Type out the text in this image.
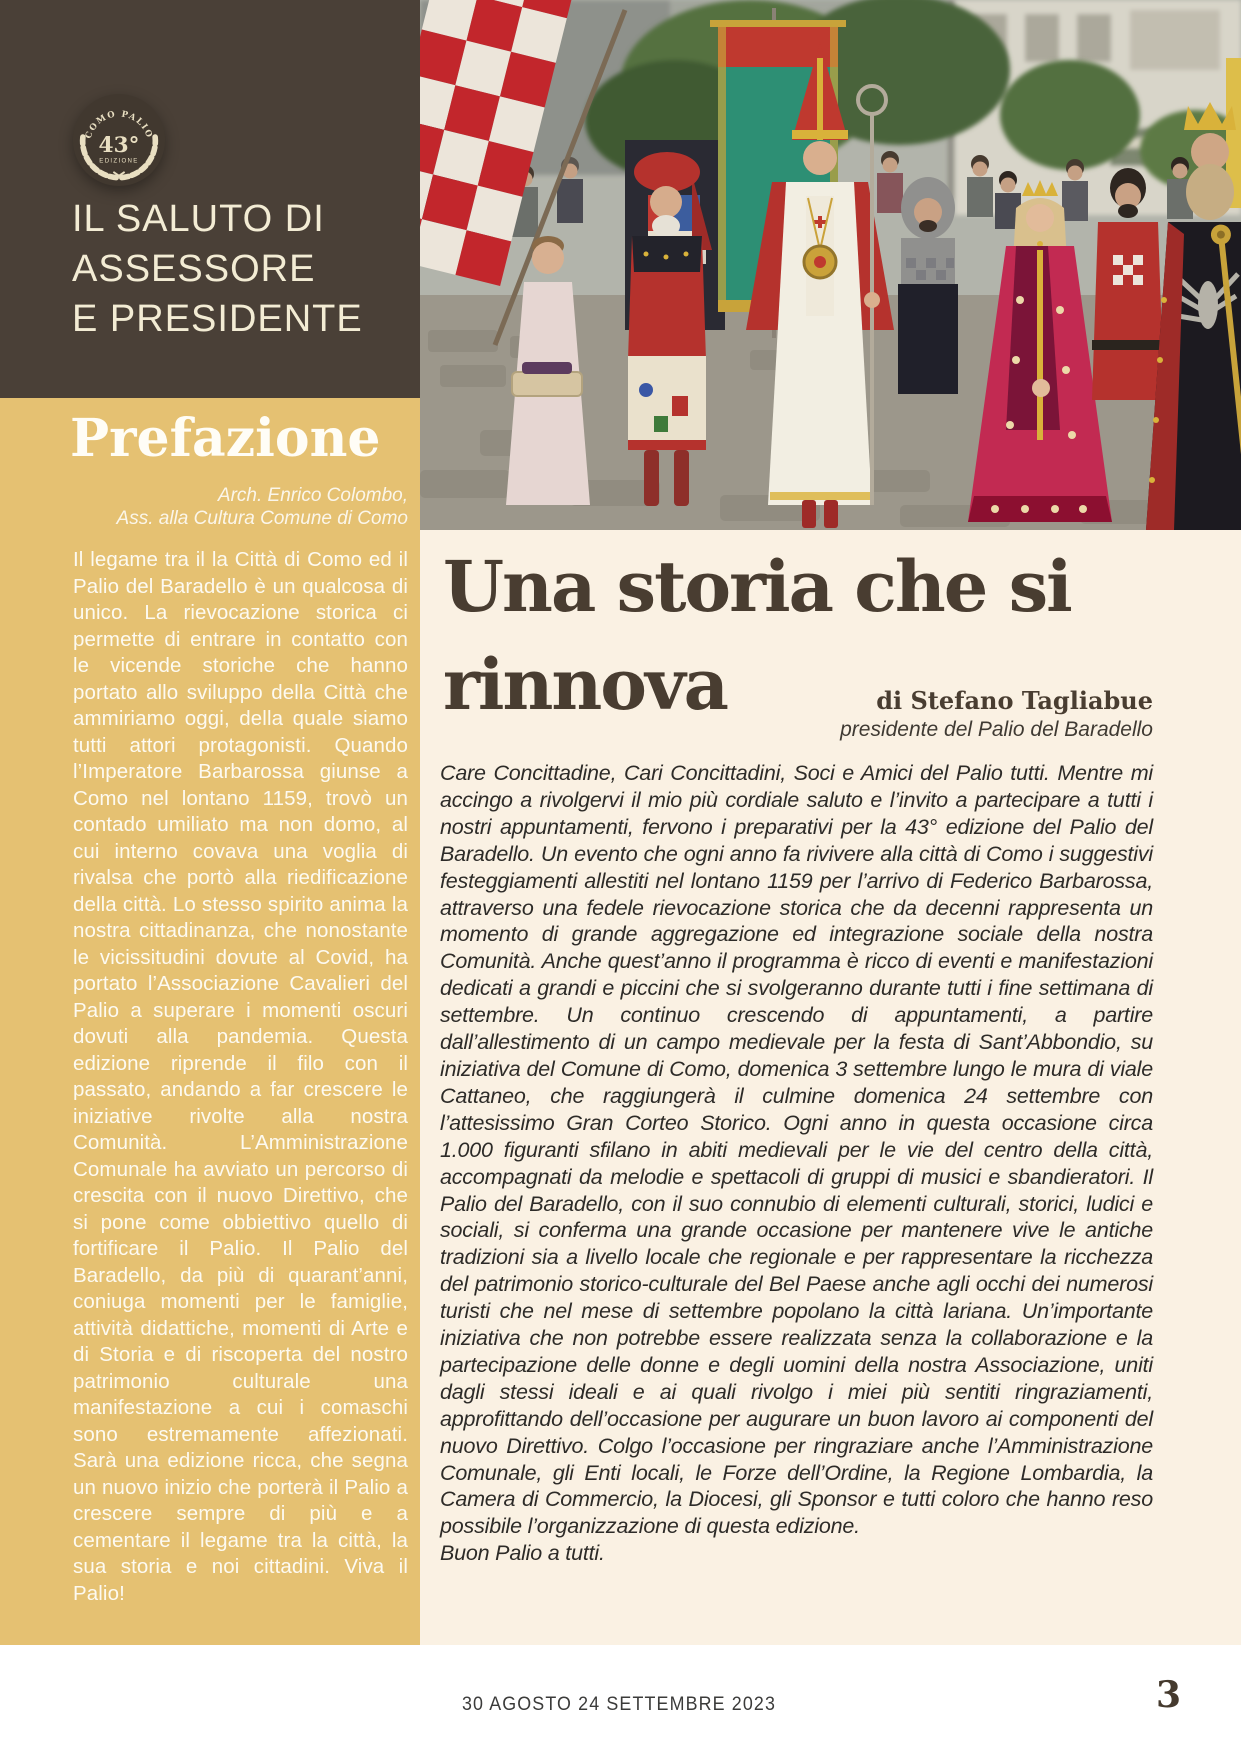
COMO PALIO
43°
EDIZIONE
IL SALUTO DI
ASSESSORE
E PRESIDENTE
Prefazione
Arch. Enrico Colombo,
Ass. alla Cultura Comune di Como
Il legame tra il la Città di Como ed il Palio del Baradello è un qualcosa di unico. La rievocazione storica ci permette di entrare in contatto con le vicende storiche che hanno portato allo sviluppo della Città che ammiriamo oggi, della quale siamo tutti attori protagonisti. Quando l’Imperatore Barbarossa giunse a Como nel lontano 1159, trovò un contado umiliato ma non domo, al cui interno covava una voglia di rivalsa che portò alla riedificazione della città. Lo stesso spirito anima la nostra cittadinanza, che nonostante le vicissitudini dovute al Covid, ha portato l’Associazione Cavalieri del Palio a superare i momenti oscuri dovuti alla pandemia. Questa edizione riprende il filo con il passato, andando a far crescere le iniziative rivolte alla nostra Comunità. L’Amministrazione Comunale ha avviato un percorso di crescita con il nuovo Direttivo, che si pone come obbiettivo quello di fortificare il Palio. Il Palio del Baradello, da più di quarant’anni, coniuga momenti per le famiglie, attività didattiche, momenti di Arte e di Storia e di riscoperta del nostro patrimonio culturale una manifestazione a cui i comaschi sono estremamente affezionati. Sarà una edizione ricca, che segna un nuovo inizio che porterà il Palio a crescere sempre di più e a cementare il legame tra la città, la sua storia e noi cittadini. Viva il Palio!
Una storia che si
rinnova	di Stefano Tagliabue
presidente del Palio del Baradello

Care Concittadine, Cari Concittadini, Soci e Amici del Palio tutti. Mentre mi accingo a rivolgervi il mio più cordiale saluto e l’invito a partecipare a tutti i nostri appuntamenti, fervono i preparativi per la 43° edizione del Palio del Baradello. Un evento che ogni anno fa rivivere alla città di Como i suggestivi festeggiamenti allestiti nel lontano 1159 per l’arrivo di Federico Barbarossa, attraverso una fedele rievocazione storica che da decenni rappresenta un momento di grande aggregazione ed integrazione sociale della nostra Comunità. Anche quest’anno il programma è ricco di eventi e manifestazioni dedicati a grandi e piccini che si svolgeranno durante tutti i fine settimana di settembre. Un continuo crescendo di appuntamenti, a partire dall’allestimento di un campo medievale per la festa di Sant’Abbondio, su iniziativa del Comune di Como, domenica 3 settembre lungo le mura di viale Cattaneo, che raggiungerà il culmine domenica 24 settembre con l’attesissimo Gran Corteo Storico. Ogni anno in questa occasione circa 1.000 figuranti sfilano in abiti medievali per le vie del centro della città, accompagnati da melodie e spettacoli di gruppi di musici e sbandieratori. Il Palio del Baradello, con il suo connubio di elementi culturali, storici, ludici e sociali, si conferma una grande occasione per mantenere vive le antiche tradizioni sia a livello locale che regionale e per rappresentare la ricchezza del patrimonio storico-culturale del Bel Paese anche agli occhi dei numerosi turisti che nel mese di settembre popolano la città lariana. Un’importante iniziativa che non potrebbe essere realizzata senza la collaborazione e la partecipazione delle donne e degli uomini della nostra Associazione, uniti dagli stessi ideali e ai quali rivolgo i miei più sentiti ringraziamenti, approfittando dell’occasione per augurare un buon lavoro ai componenti del nuovo Direttivo. Colgo l’occasione per ringraziare anche l’Amministrazione Comunale, gli Enti locali, le Forze dell’Ordine, la Regione Lombardia, la Camera di Commercio, la Diocesi, gli Sponsor e tutti coloro che hanno reso possibile l’organizzazione di questa edizione.

Buon Palio a tutti.

30 AGOSTO 24 SETTEMBRE 2023	3
